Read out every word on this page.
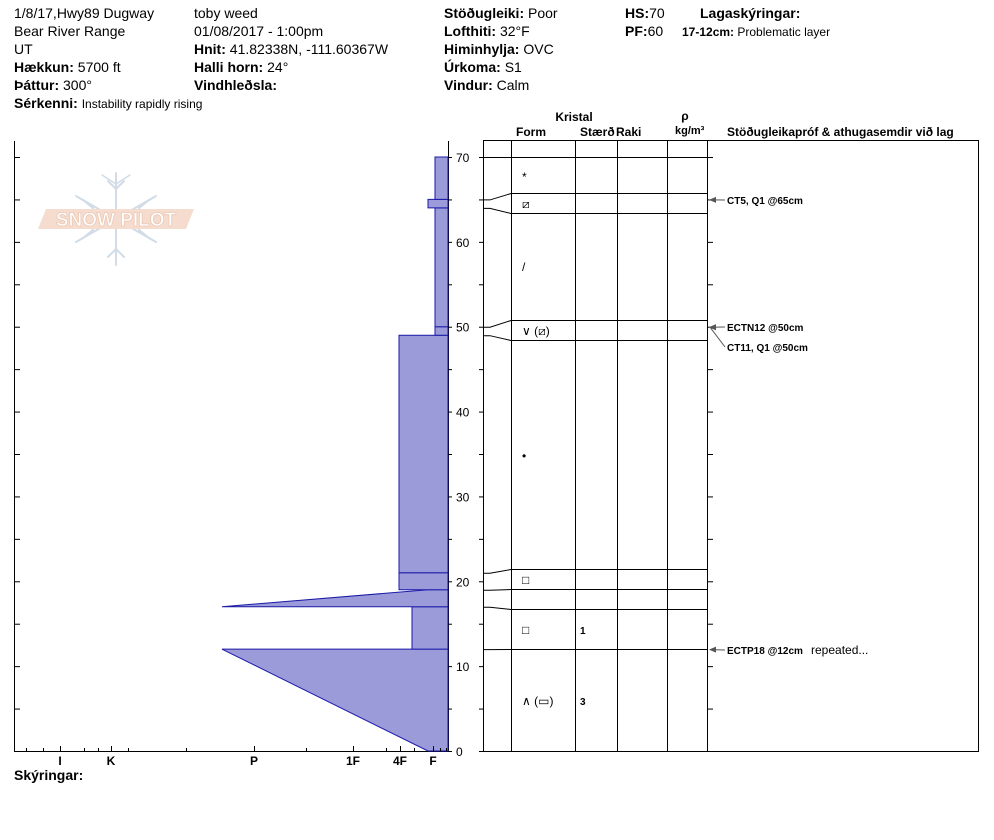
1/8/17,Hwy89 Dugway
Bear River Range
UT
Hækkun: 5700 ft
Þáttur: 300°
Sérkenni: Instability rapidly rising
toby weed
01/08/2017 - 1:00pm
Hnit: 41.82338N, -111.60367W
Halli horn: 24°
Vindhleðsla:
Stöðugleiki: Poor
Lofthiti: 32°F
Himinhylja: OVC
Úrkoma: S1
Vindur: Calm
HS:70
PF:60
Lagaskýringar:
17-12cm: Problematic layer
Skýringar:
Kristal
Form	Stærð Raki
ρ
kg/m³ Stöðugleikapróf & athugasemdir við lag
SNOW PILOT
0
10
20
30
40
50
60
70
I	K	P	1F	4F F
*
⧄
/
∨ (⧄)
•
□
□	1
∧ (▭)	3
CT5, Q1 @65cm
ECTN12 @50cm
CT11, Q1 @50cm
ECTP18 @12cm repeated...
